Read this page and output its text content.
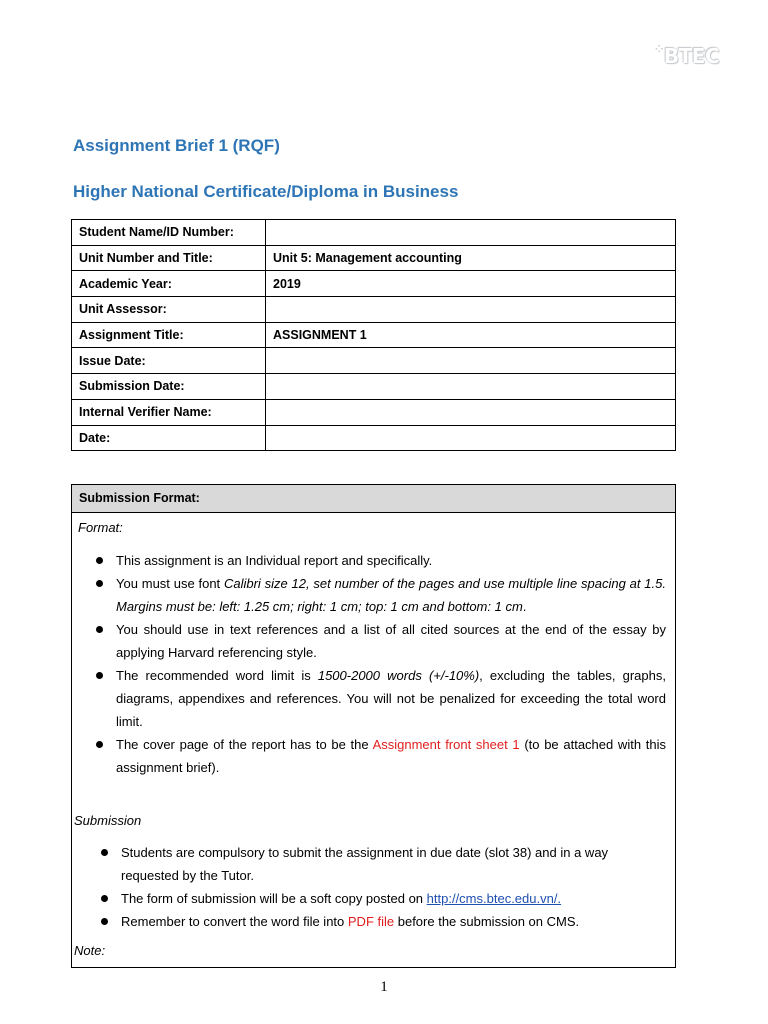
⁘BTEC
Assignment Brief 1 (RQF)
Higher National Certificate/Diploma in Business
Student Name/ID Number:	
Unit Number and Title:	Unit 5: Management accounting
Academic Year:	2019
Unit Assessor:	
Assignment Title:	ASSIGNMENT 1
Issue Date:	
Submission Date:	
Internal Verifier Name:	
Date:	
Submission Format:
Format:
This assignment is an Individual report and specifically.
You must use font Calibri size 12, set number of the pages and use multiple line spacing at 1.5. Margins must be: left: 1.25 cm; right: 1 cm; top: 1 cm and bottom: 1 cm.
You should use in text references and a list of all cited sources at the end of the essay by applying Harvard referencing style.
The recommended word limit is 1500-2000 words (+/-10%), excluding the tables, graphs, diagrams, appendixes and references. You will not be penalized for exceeding the total word limit.
The cover page of the report has to be the Assignment front sheet 1 (to be attached with this assignment brief).
Submission
Students are compulsory to submit the assignment in due date (slot 38) and in a way requested by the Tutor.
The form of submission will be a soft copy posted on http://cms.btec.edu.vn/.
Remember to convert the word file into PDF file before the submission on CMS.
Note:
1
